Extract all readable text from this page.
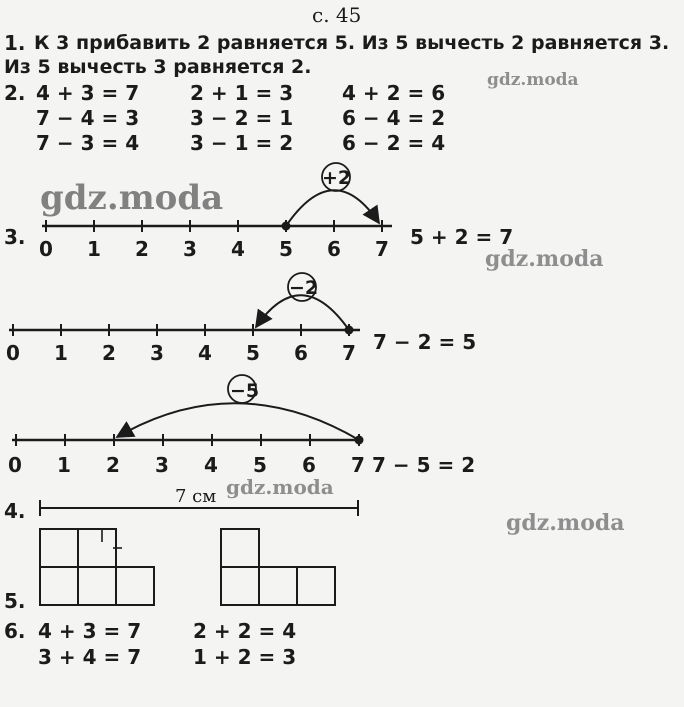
gdz.moda
gdz.moda
gdz.moda
gdz.moda
gdz.moda
с. 45
1. К 3 прибавить 2 равняется 5. Из 5 вычесть 2 равняется 3.
Из 5 вычесть 3 равняется 2.
2. 4 + 3 = 7	2 + 1 = 3 4 + 2 = 6
7 − 4 = 3	3 − 2 = 1 6 − 4 = 2
7 − 3 = 4	3 − 1 = 2 6 − 2 = 4
3. 0 1 2 3 4 5 6 7
+2
5 + 2 = 7
0 1 2 3 4 5 6 7
−2
7 − 2 = 5
0 1 2 3 4 5 6 7
−5
7 − 5 = 2
4.
7 см
5.
6. 4 + 3 = 7	2 + 2 = 4
3 + 4 = 7	1 + 2 = 3
